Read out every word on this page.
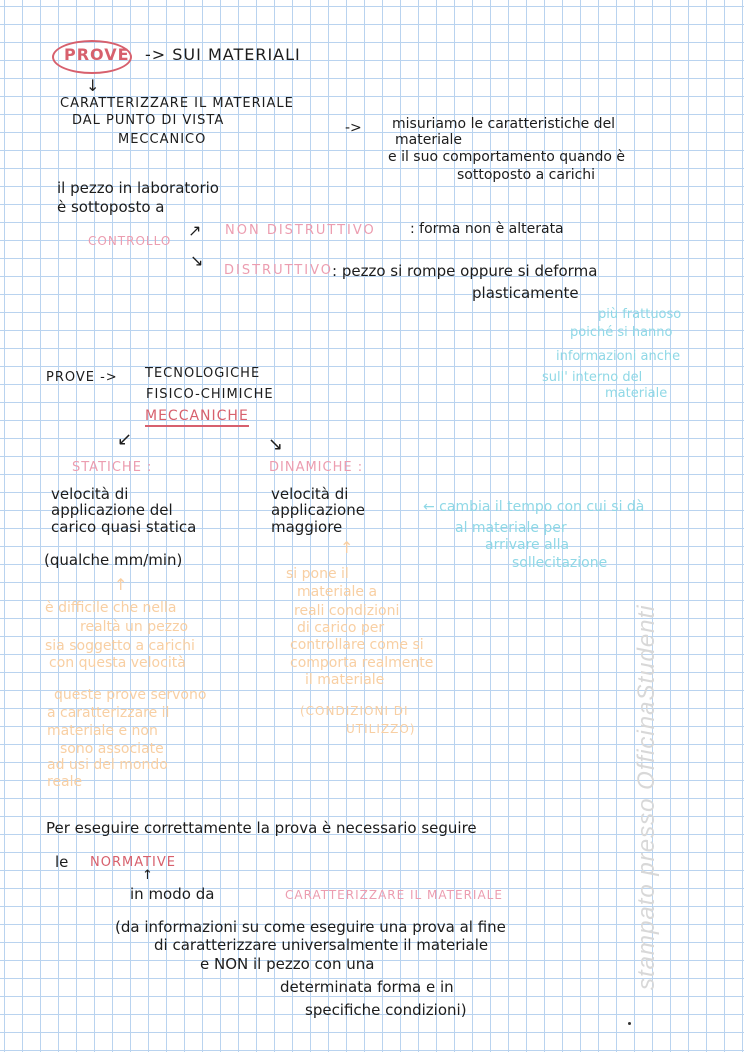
PROVE -> SUI MATERIALI
↓
CARATTERIZZARE IL MATERIALE
DAL PUNTO DI VISTA
MECCANICO
-> misuriamo le caratteristiche del
materiale
e il suo comportamento quando è
sottoposto a carichi
il pezzo in laboratorio
è sottoposto a
CONTROLLO
↗
↘
NON DISTRUTTIVO : forma non è alterata
DISTRUTTIVO : pezzo si rompe oppure si deforma
plasticamente
più frattuoso
poiché si hanno
informazioni anche
sull' interno del
materiale
PROVE -> TECNOLOGICHE
FISICO-CHIMICHE
MECCANICHE
↙	↘
STATICHE :
velocità di
applicazione del
carico quasi statica
(qualche mm/min)
↑
è difficile che nella
realtà un pezzo
sia soggetto a carichi
con questa velocità
queste prove servono
a caratterizzare il
materiale e non
sono associate
ad usi del mondo
reale
DINAMICHE :
velocità di
applicazione
maggiore
↑
si pone il
materiale a
reali condizioni
di carico per
controllare come si
comporta realmente
il materiale
(CONDIZIONI DI
UTILIZZO)
← cambia il tempo con cui si dà
al materiale per
arrivare alla
sollecitazione
Per eseguire correttamente la prova è necessario seguire
le NORMATIVE
↑
in modo da	CARATTERIZZARE IL MATERIALE
(da informazioni su come eseguire una prova al fine
di caratterizzare universalmente il materiale
e NON il pezzo con una
determinata forma e in
specifiche condizioni)
stampato presso OfficinaStudenti
